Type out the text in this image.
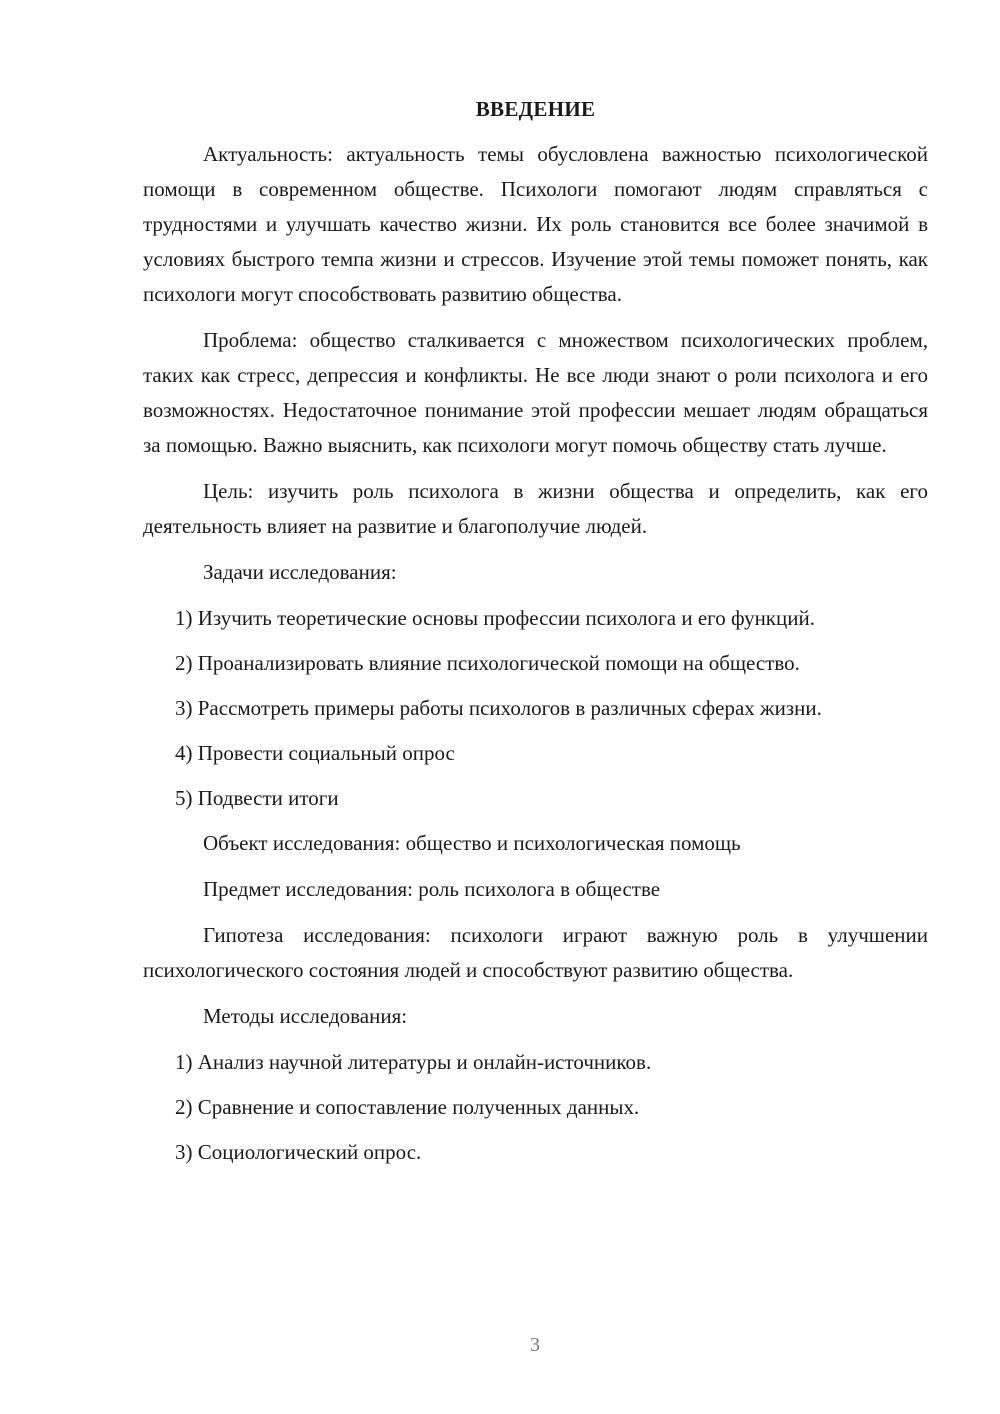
ВВЕДЕНИЕ

Актуальность: актуальность темы обусловлена важностью психологической помощи в современном обществе. Психологи помогают людям справляться с трудностями и улучшать качество жизни. Их роль становится все более значимой в условиях быстрого темпа жизни и стрессов. Изучение этой темы поможет понять, как психологи могут способствовать развитию общества.

Проблема: общество сталкивается с множеством психологических проблем, таких как стресс, депрессия и конфликты. Не все люди знают о роли психолога и его возможностях. Недостаточное понимание этой профессии мешает людям обращаться за помощью. Важно выяснить, как психологи могут помочь обществу стать лучше.

Цель: изучить роль психолога в жизни общества и определить, как его деятельность влияет на развитие и благополучие людей.

Задачи исследования:

1) Изучить теоретические основы профессии психолога и его функций.

2) Проанализировать влияние психологической помощи на общество.

3) Рассмотреть примеры работы психологов в различных сферах жизни.

4) Провести социальный опрос

5) Подвести итоги

Объект исследования: общество и психологическая помощь

Предмет исследования: роль психолога в обществе

Гипотеза исследования: психологи играют важную роль в улучшении психологического состояния людей и способствуют развитию общества.

Методы исследования:

1) Анализ научной литературы и онлайн-источников.

2) Сравнение и сопоставление полученных данных.

3) Социологический опрос.

3
